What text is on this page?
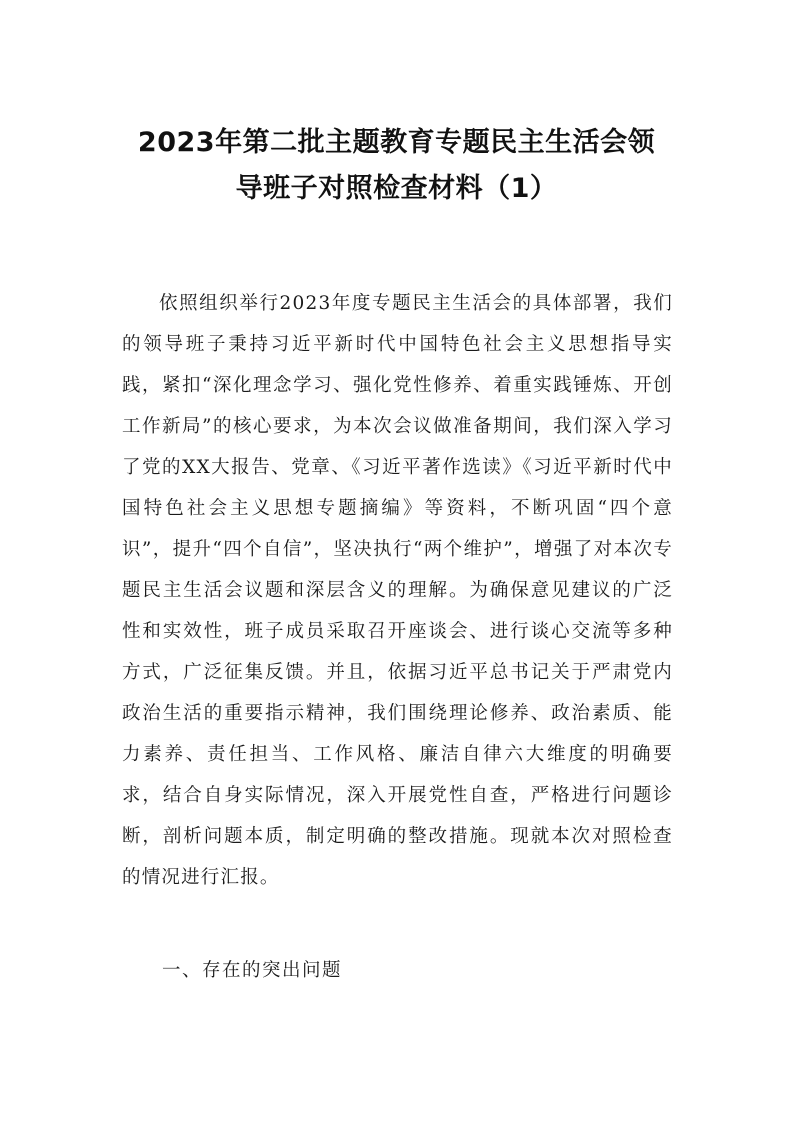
2023年第二批主题教育专题民主生活会领
导班子对照检查材料（1）

依照组织举行2023年度专题民主生活会的具体部署，我们的领导班子秉持习近平新时代中国特色社会主义思想指导实践，紧扣“深化理念学习、强化党性修养、着重实践锤炼、开创工作新局”的核心要求，为本次会议做准备期间，我们深入学习了党的XX大报告、党章、《习近平著作选读》《习近平新时代中国特色社会主义思想专题摘编》等资料，不断巩固“四个意识”，提升“四个自信”，坚决执行“两个维护”，增强了对本次专题民主生活会议题和深层含义的理解。为确保意见建议的广泛性和实效性，班子成员采取召开座谈会、进行谈心交流等多种方式，广泛征集反馈。并且，依据习近平总书记关于严肃党内政治生活的重要指示精神，我们围绕理论修养、政治素质、能力素养、责任担当、工作风格、廉洁自律六大维度的明确要求，结合自身实际情况，深入开展党性自查，严格进行问题诊断，剖析问题本质，制定明确的整改措施。现就本次对照检查的情况进行汇报。

一、存在的突出问题
